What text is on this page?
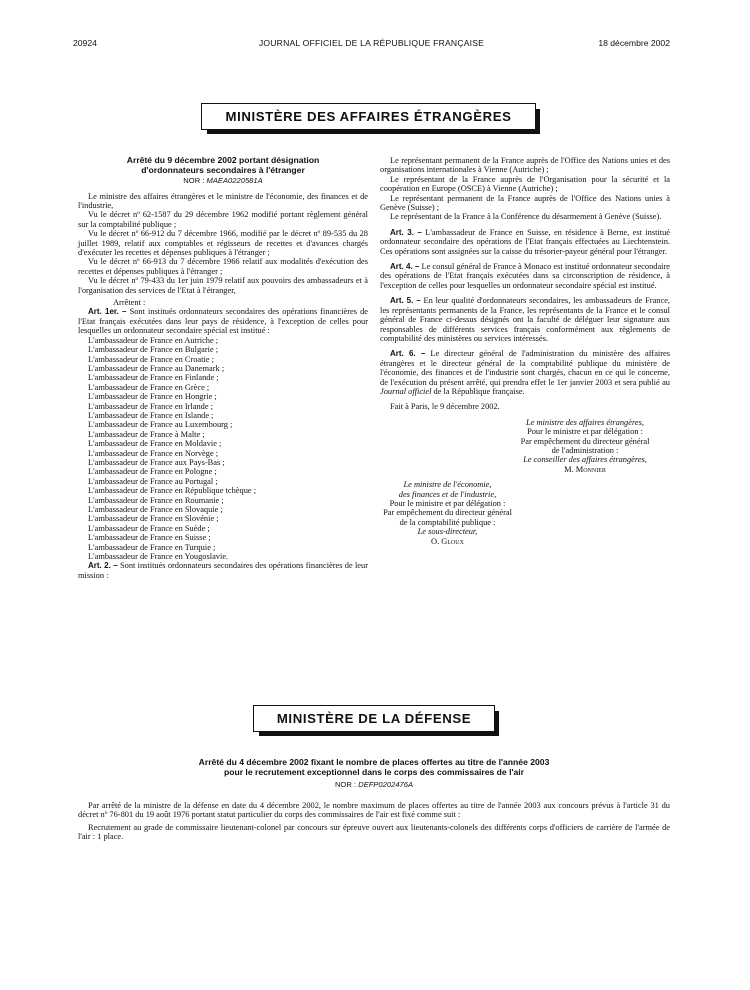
20924	JOURNAL OFFICIEL DE LA RÉPUBLIQUE FRANÇAISE	18 décembre 2002
MINISTÈRE DES AFFAIRES ÉTRANGÈRES
Arrêté du 9 décembre 2002 portant désignation
d'ordonnateurs secondaires à l'étranger
NOR : MAEA0220581A

Le ministre des affaires étrangères et le ministre de l'économie, des finances et de l'industrie,

Vu le décret nº 62-1587 du 29 décembre 1962 modifié portant règlement général sur la comptabilité publique ;

Vu le décret nº 66-912 du 7 décembre 1966, modifié par le décret nº 89-535 du 28 juillet 1989, relatif aux comptables et régisseurs de recettes et d'avances chargés d'exécuter les recettes et dépenses publiques à l'étranger ;

Vu le décret nº 66-913 du 7 décembre 1966 relatif aux modalités d'exécution des recettes et dépenses publiques à l'étranger ;

Vu le décret nº 79-433 du 1er juin 1979 relatif aux pouvoirs des ambassadeurs et à l'organisation des services de l'Etat à l'étranger,

Arrêtent :

Art. 1er. – Sont institués ordonnateurs secondaires des opérations financières de l'Etat français exécutées dans leur pays de résidence, à l'exception de celles pour lesquelles un ordonnateur secondaire spécial est institué :

L'ambassadeur de France en Autriche ;

L'ambassadeur de France en Bulgarie ;

L'ambassadeur de France en Croatie ;

L'ambassadeur de France au Danemark ;

L'ambassadeur de France en Finlande ;

L'ambassadeur de France en Grèce ;

L'ambassadeur de France en Hongrie ;

L'ambassadeur de France en Irlande ;

L'ambassadeur de France en Islande ;

L'ambassadeur de France au Luxembourg ;

L'ambassadeur de France à Malte ;

L'ambassadeur de France en Moldavie ;

L'ambassadeur de France en Norvège ;

L'ambassadeur de France aux Pays-Bas ;

L'ambassadeur de France en Pologne ;

L'ambassadeur de France au Portugal ;

L'ambassadeur de France en République tchèque ;

L'ambassadeur de France en Roumanie ;

L'ambassadeur de France en Slovaquie ;

L'ambassadeur de France en Slovénie ;

L'ambassadeur de France en Suède ;

L'ambassadeur de France en Suisse ;

L'ambassadeur de France en Turquie ;

L'ambassadeur de France en Yougoslavie.

Art. 2. – Sont institués ordonnateurs secondaires des opérations financières de leur mission :

Le représentant permanent de la France auprès de l'Office des Nations unies et des organisations internationales à Vienne (Autriche) ;

Le représentant de la France auprès de l'Organisation pour la sécurité et la coopération en Europe (OSCE) à Vienne (Autriche) ;

Le représentant permanent de la France auprès de l'Office des Nations unies à Genève (Suisse) ;

Le représentant de la France à la Conférence du désarmement à Genève (Suisse).

Art. 3. – L'ambassadeur de France en Suisse, en résidence à Berne, est institué ordonnateur secondaire des opérations de l'Etat français effectuées au Liechtenstein. Ces opérations sont assignées sur la caisse du trésorier-payeur général pour l'étranger.

Art. 4. – Le consul général de France à Monaco est institué ordonnateur secondaire des opérations de l'Etat français exécutées dans sa circonscription de résidence, à l'exception de celles pour lesquelles un ordonnateur secondaire spécial est institué.

Art. 5. – En leur qualité d'ordonnateurs secondaires, les ambassadeurs de France, les représentants permanents de la France, les représentants de la France et le consul général de France ci-dessus désignés ont la faculté de déléguer leur signature aux responsables de différents services français conformément aux règlements de comptabilité des ministères ou services intéressés.

Art. 6. – Le directeur général de l'administration du ministère des affaires étrangères et le directeur général de la comptabilité publique du ministère de l'économie, des finances et de l'industrie sont chargés, chacun en ce qui le concerne, de l'exécution du présent arrêté, qui prendra effet le 1er janvier 2003 et sera publié au Journal officiel de la République française.

Fait à Paris, le 9 décembre 2002.

Le ministre des affaires étrangères,
Pour le ministre et par délégation :
Par empêchement du directeur général
de l'administration :
Le conseiller des affaires étrangères,
M. Monnier
Le ministre de l'économie,
des finances et de l'industrie,
Pour le ministre et par délégation :
Par empêchement du directeur général
de la comptabilité publique :
Le sous-directeur,
O. Gloux
MINISTÈRE DE LA DÉFENSE
Arrêté du 4 décembre 2002 fixant le nombre de places offertes au titre de l'année 2003
pour le recrutement exceptionnel dans le corps des commissaires de l'air
NOR : DEFP0202476A

Par arrêté de la ministre de la défense en date du 4 décembre 2002, le nombre maximum de places offertes au titre de l'année 2003 aux concours prévus à l'article 31 du décret nº 76-801 du 19 août 1976 portant statut particulier du corps des commissaires de l'air est fixé comme suit :

Recrutement au grade de commissaire lieutenant-colonel par concours sur épreuve ouvert aux lieutenants-colonels des différents corps d'officiers de carrière de l'armée de l'air : 1 place.
